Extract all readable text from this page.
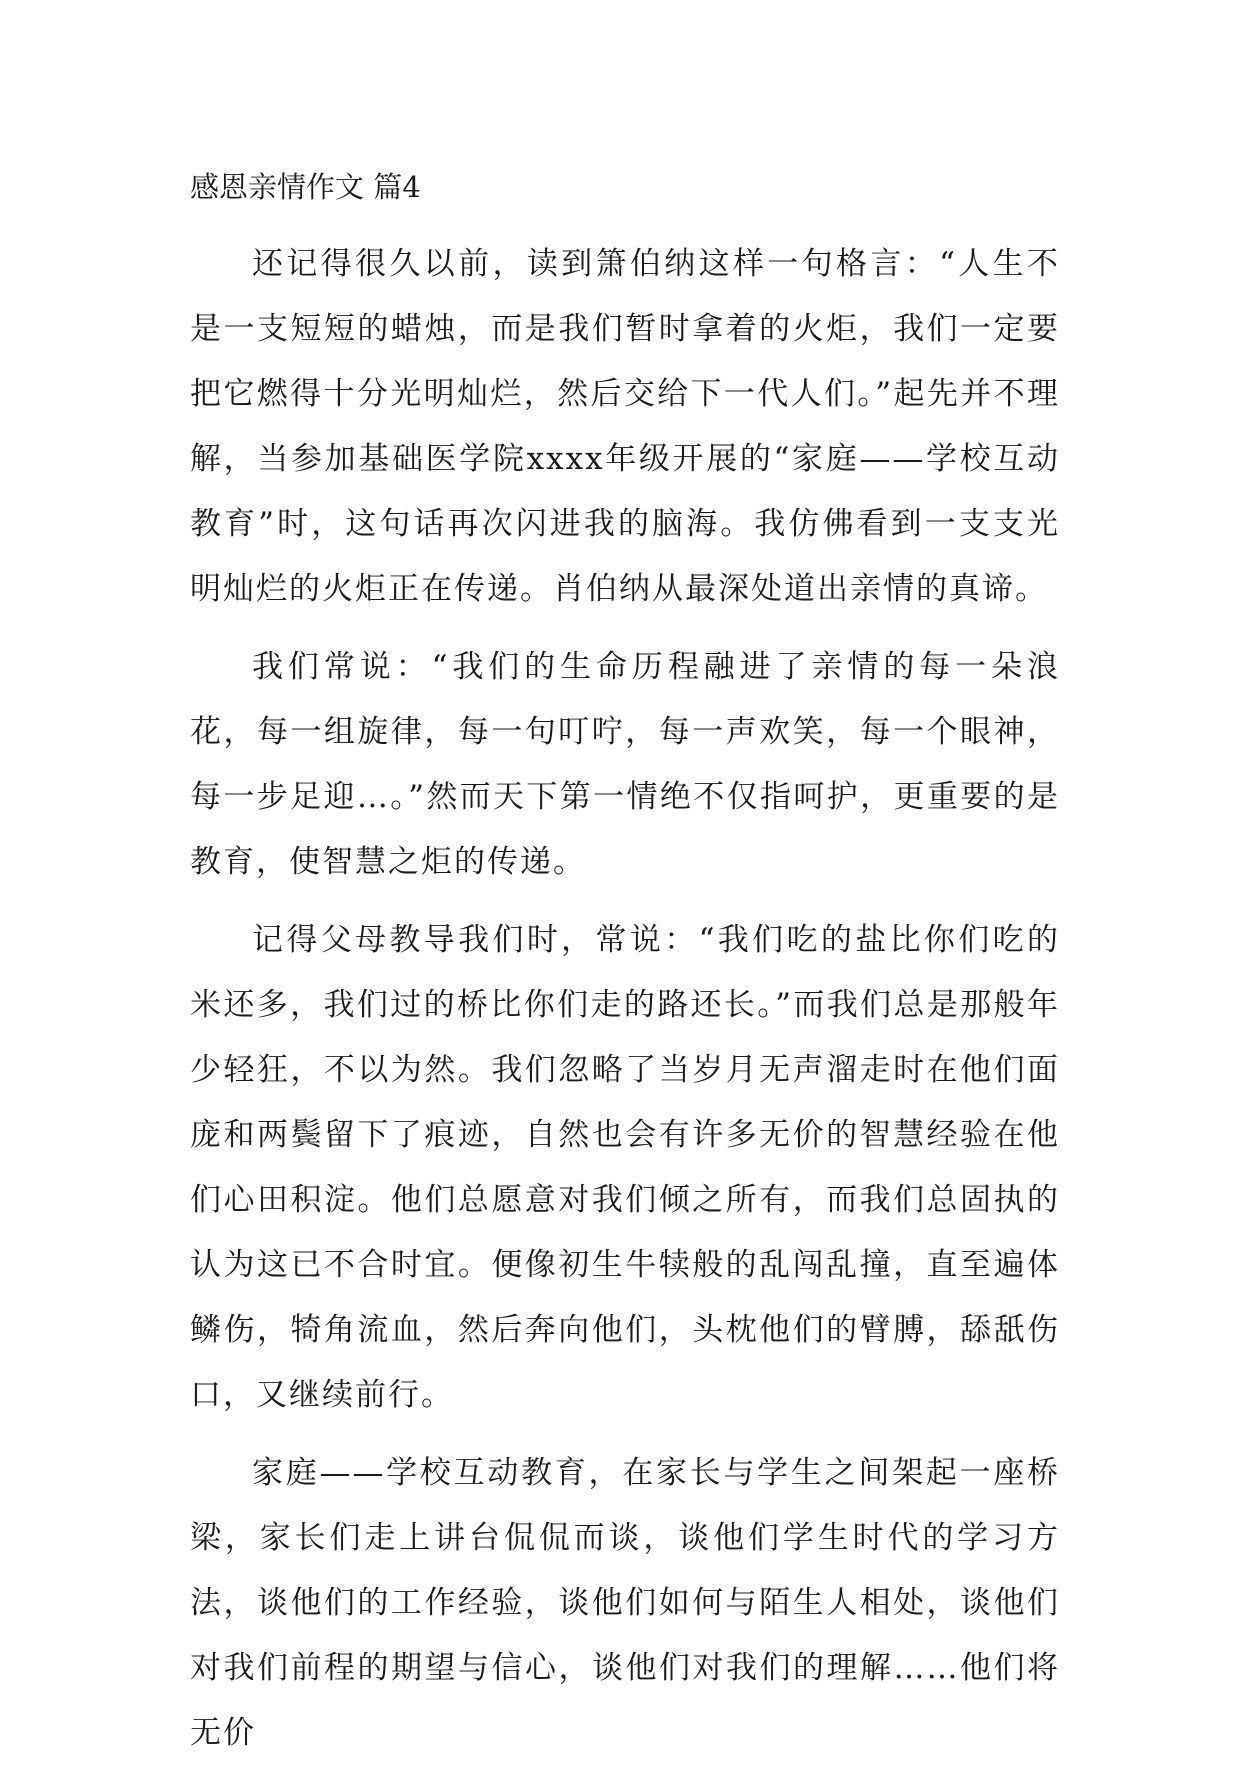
感恩亲情作文 篇4

还记得很久以前，读到箫伯纳这样一句格言：“人生不是一支短短的蜡烛，而是我们暂时拿着的火炬，我们一定要把它燃得十分光明灿烂，然后交给下一代人们。”起先并不理解，当参加基础医学院xxxx年级开展的“家庭——学校互动教育”时，这句话再次闪进我的脑海。我仿佛看到一支支光明灿烂的火炬正在传递。肖伯纳从最深处道出亲情的真谛。

我们常说：“我们的生命历程融进了亲情的每一朵浪花，每一组旋律，每一句叮咛，每一声欢笑，每一个眼神，每一步足迎…。”然而天下第一情绝不仅指呵护，更重要的是教育，使智慧之炬的传递。

记得父母教导我们时，常说：“我们吃的盐比你们吃的米还多，我们过的桥比你们走的路还长。”而我们总是那般年少轻狂，不以为然。我们忽略了当岁月无声溜走时在他们面庞和两鬓留下了痕迹，自然也会有许多无价的智慧经验在他们心田积淀。他们总愿意对我们倾之所有，而我们总固执的认为这已不合时宜。便像初生牛犊般的乱闯乱撞，直至遍体鳞伤，犄角流血，然后奔向他们，头枕他们的臂膊，舔舐伤口，又继续前行。

家庭——学校互动教育，在家长与学生之间架起一座桥梁，家长们走上讲台侃侃而谈，谈他们学生时代的学习方法，谈他们的工作经验，谈他们如何与陌生人相处，谈他们对我们前程的期望与信心，谈他们对我们的理解……他们将无价
